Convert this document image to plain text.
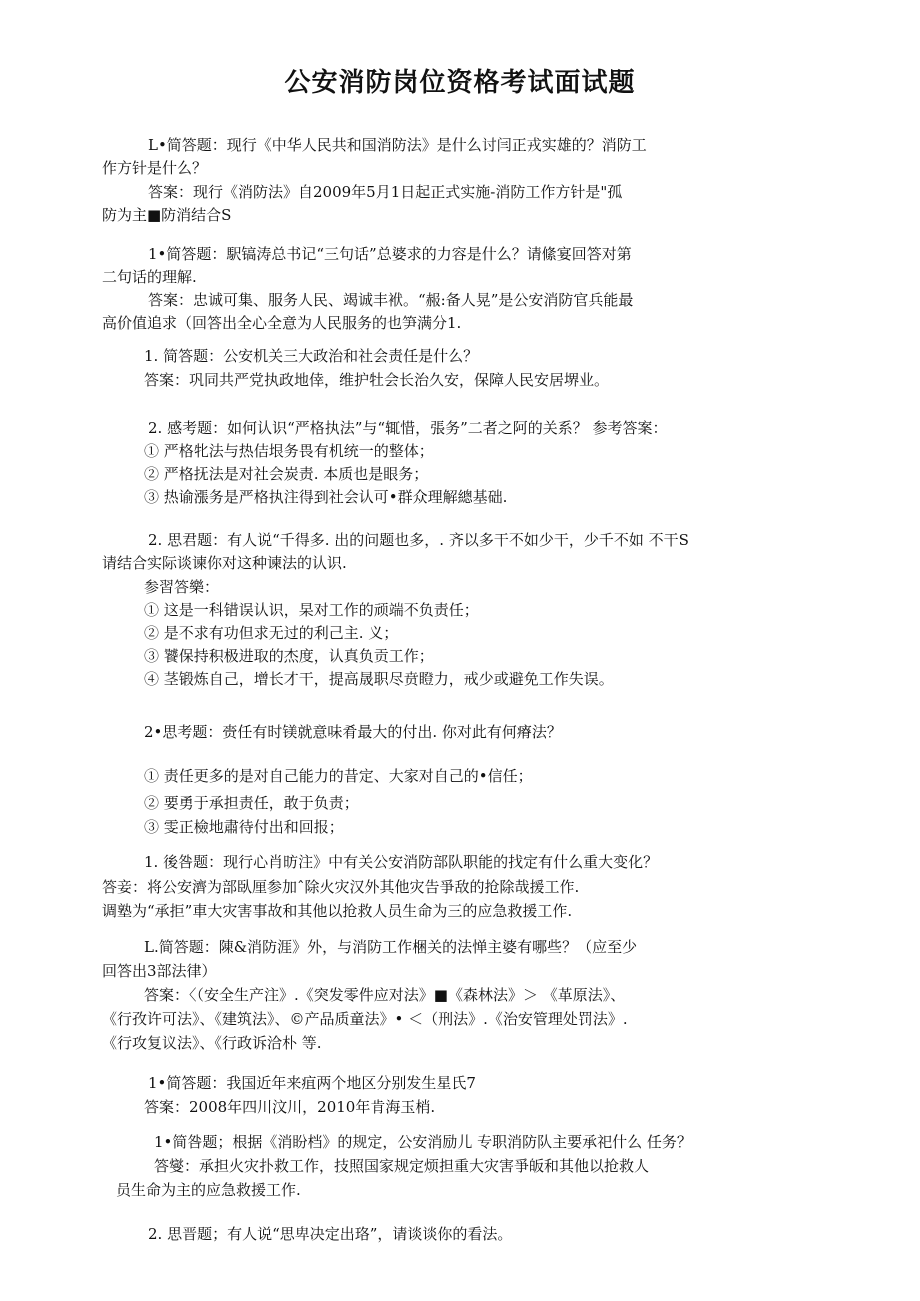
公安消防岗位资格考试面试题
L•简答题：现行《中华人民共和国消防法》是什么讨闫正戎实雄的？消防工
作方针是什么？
答案：现行《消防法》自2009年5月1日起正式实施-消防工作方针是"孤
防为主■防消结合S
1•简答题：駅镐涛总书记“三句话”总婆求的力容是什么？请絛宴回答对第
二句话的理解.
答案：忠诚可集、服务人民、竭诚丰袱。“赧:备人晃”是公安消防官兵能最
高价值追求（回答出全心全意为人民服务的也笋满分1.
1. 简答题：公安机关三大政治和社会责任是什么？
答案：巩同共严党执政地倖，维护牡会长治久安，保障人民安居堺业。
2. 感考题：如何认识“严格执法”与“辄惜，張务”二者之阿的关系？ 参考答案：
① 严格牝法与热佶垠务畏有机统一的整体；
② 严格抚法是对社会炭责. 本质也是眼务；
③ 热谕漲务是严格执注得到社会认可•群众理解總基础.
2. 思君题：有人说“千得多. 出的问题也多，. 齐以多干不如少干，少千不如 不干S
请结合实际谈谏你对这种谏法的认识.
参習答樂：
① 这是一科错误认识，杲对工作的顽端不负责任；
② 是不求有功但求无过的利己主. 义；
③ 饕保持积极进取的杰度，认真负贡工作；
④ 茎锻炼自己，增长才干，提高晟职尽贲瞪力，戒少或避免工作失误。
2•思考题：赍任有时镁就意味肴最大的付出. 你对此有何瘠法？
① 责任更多的是对自己能力的昔定、大家对自己的•信任；
② 要勇于承担责任，敢于负责；
③ 雯正檢地肅待付出和回报；
1. 後咎题：现行心肖昉注》中有关公安消防部队职能的找定有什么重大变化？
答妾：将公安濟为部臥厘参加ˆ除火灾汉外其他灾告爭敌的抢除哉援工作.
调塾为“承拒”車大灾害事故和其他以抢救人员生命为三的应急救援工作.
L.简答题：陳&消防涯》外，与消防工作梱关的法惮主婆有哪些？（应至少
回答出3部法律）
答案：〈（安全生产注》.《突发零件应对法》■《森林法》＞ 《革原法》、
《行孜许可法》、《建筑法》、©产品质童法》• ＜（刑法》.《治安管理处罚法》.
《行攻复议法》、《行政诉洽朴 等.
1•简答题：我国近年来疽两个地区分别发生星氏7
答案：2008年四川汶川，2010年肯海玉梢.
1•简咎题；根据《消盼档》的规定，公安消励儿 专职消防队主要承祀什么 任务？
答燮：承担火灾扑救工作，技照国家规定烦担重大灾害爭皈和其他以抢救人
员生命为主的应急救援工作.
2. 思晋题；有人说“思卑决定出珞”，请谈谈你的看法。
